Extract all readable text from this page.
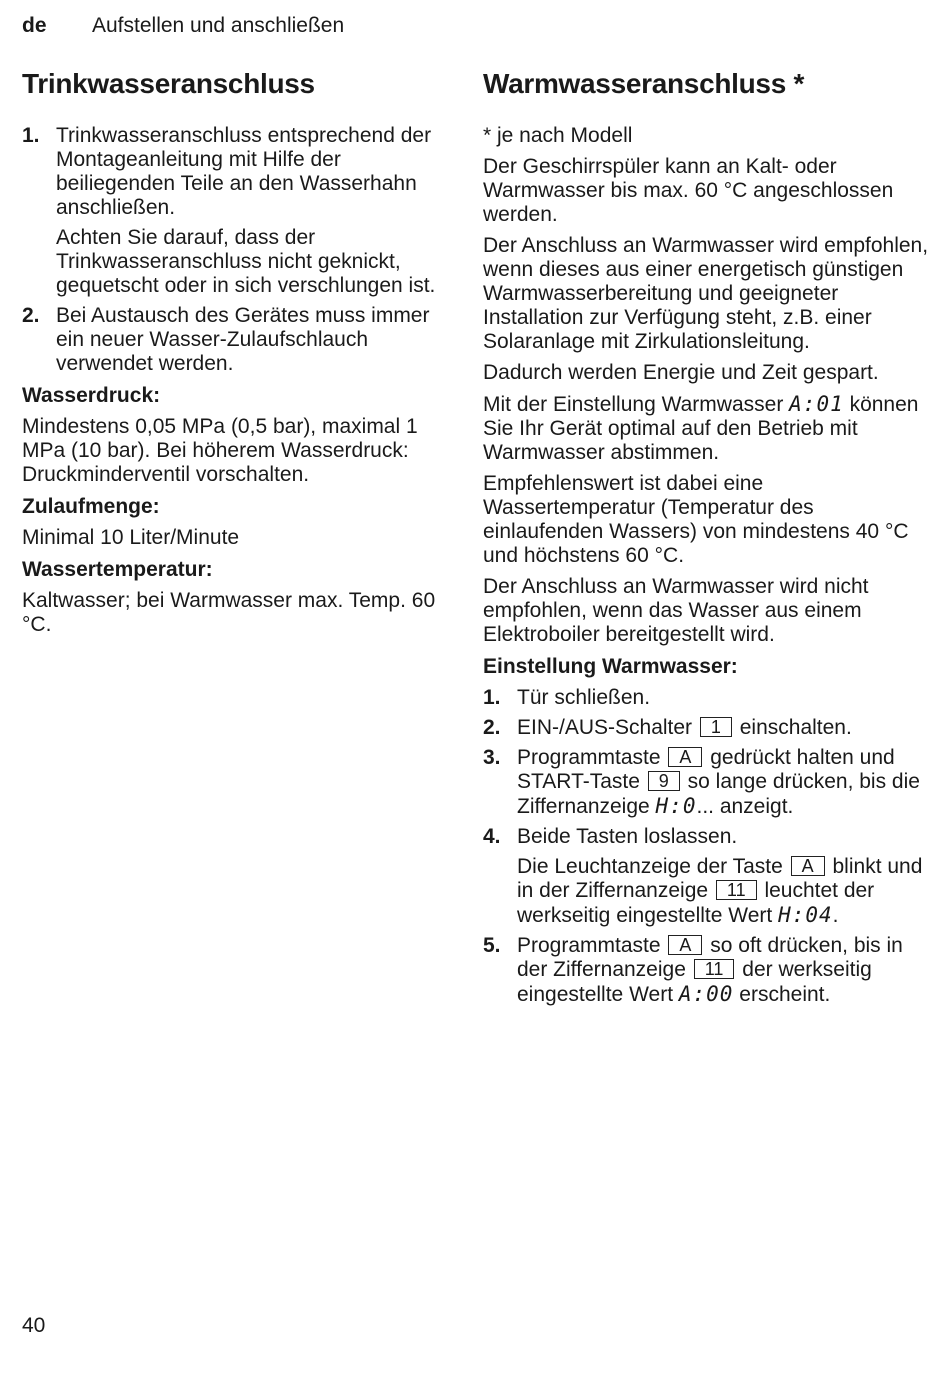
de Aufstellen und anschließen
Trinkwasseranschluss
1. Trinkwasseranschluss entsprechend der Montageanleitung mit Hilfe der beiliegenden Teile an den Wasserhahn anschließen.

Achten Sie darauf, dass der Trinkwasseranschluss nicht geknickt, gequetscht oder in sich verschlungen ist.

2. Bei Austausch des Gerätes muss immer ein neuer Wasser-Zulaufschlauch verwendet werden.

Wasserdruck:

Mindestens 0,05 MPa (0,5 bar), maximal 1 MPa (10 bar). Bei höherem Wasserdruck: Druckminderventil vorschalten.

Zulaufmenge:

Minimal 10 Liter/Minute

Wassertemperatur:

Kaltwasser; bei Warmwasser max. Temp. 60 °C.

Warmwasseranschluss *

* je nach Modell

Der Geschirrspüler kann an Kalt- oder Warmwasser bis max. 60 °C angeschlossen werden.

Der Anschluss an Warmwasser wird empfohlen, wenn dieses aus einer energetisch günstigen Warmwasserbereitung und geeigneter Installation zur Verfügung steht, z.B. einer Solaranlage mit Zirkulationsleitung.

Dadurch werden Energie und Zeit gespart.

Mit der Einstellung Warmwasser A:01 können Sie Ihr Gerät optimal auf den Betrieb mit Warmwasser abstimmen.

Empfehlenswert ist dabei eine Wassertemperatur (Temperatur des einlaufenden Wassers) von mindestens 40 °C und höchstens 60 °C.

Der Anschluss an Warmwasser wird nicht empfohlen, wenn das Wasser aus einem Elektroboiler bereitgestellt wird.

Einstellung Warmwasser:

1. Tür schließen.

2. EIN-/AUS-Schalter 1 einschalten.

3. Programmtaste A gedrückt halten und START-Taste 9 so lange drücken, bis die Ziffernanzeige H:0... anzeigt.

4. Beide Tasten loslassen.

Die Leuchtanzeige der Taste A blinkt und in der Ziffernanzeige 11 leuchtet der werkseitig eingestellte Wert H:04.

5. Programmtaste A so oft drücken, bis in der Ziffernanzeige 11 der werkseitig eingestellte Wert A:00 erscheint.

40
